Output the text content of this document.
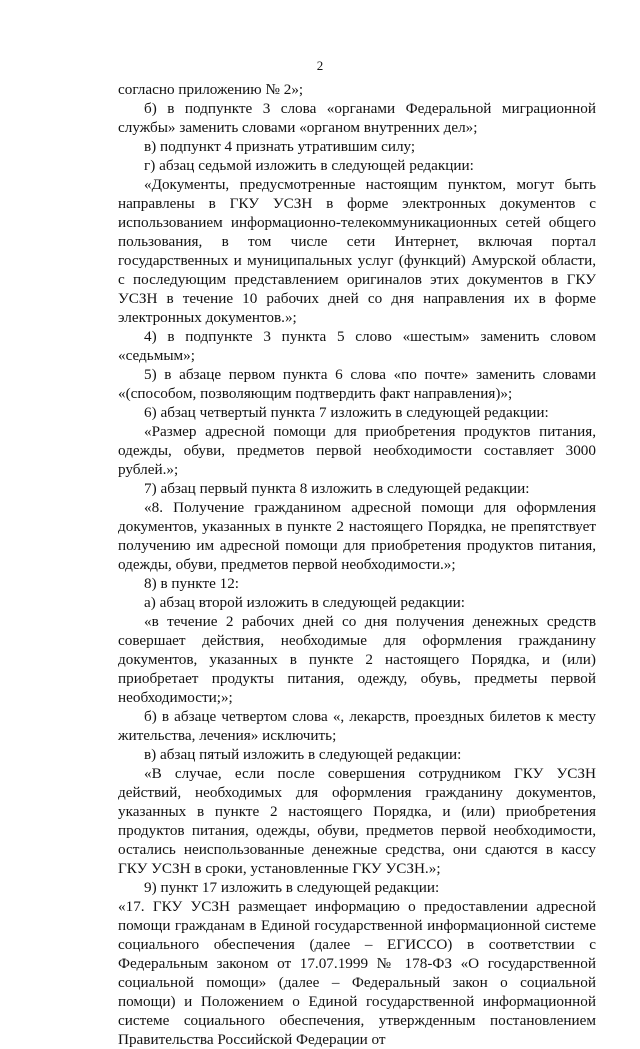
2

согласно приложению № 2»;

б) в подпункте 3 слова «органами Федеральной миграционной службы» заменить словами «органом внутренних дел»;

в) подпункт 4 признать утратившим силу;

г) абзац седьмой изложить в следующей редакции:

«Документы, предусмотренные настоящим пунктом, могут быть направлены в ГКУ УСЗН в форме электронных документов с использованием информационно-телекоммуникационных сетей общего пользования, в том числе сети Интернет, включая портал государственных и муниципальных услуг (функций) Амурской области, с последующим представлением оригиналов этих документов в ГКУ УСЗН в течение 10 рабочих дней со дня направления их в форме электронных документов.»;

4) в подпункте 3 пункта 5 слово «шестым» заменить словом «седьмым»;

5) в абзаце первом пункта 6 слова «по почте» заменить словами «(способом, позволяющим подтвердить факт направления)»;

6) абзац четвертый пункта 7 изложить в следующей редакции:

«Размер адресной помощи для приобретения продуктов питания, одежды, обуви, предметов первой необходимости составляет 3000 рублей.»;

7) абзац первый пункта 8 изложить в следующей редакции:

«8. Получение гражданином адресной помощи для оформления документов, указанных в пункте 2 настоящего Порядка, не препятствует получению им адресной помощи для приобретения продуктов питания, одежды, обуви, предметов первой необходимости.»;

8) в пункте 12:

а) абзац второй изложить в следующей редакции:

«в течение 2 рабочих дней со дня получения денежных средств совершает действия, необходимые для оформления гражданину документов, указанных в пункте 2 настоящего Порядка, и (или) приобретает продукты питания, одежду, обувь, предметы первой необходимости;»;

б) в абзаце четвертом слова «, лекарств, проездных билетов к месту жительства, лечения» исключить;

в) абзац пятый изложить в следующей редакции:

«В случае, если после совершения сотрудником ГКУ УСЗН действий, необходимых для оформления гражданину документов, указанных в пункте 2 настоящего Порядка, и (или) приобретения продуктов питания, одежды, обуви, предметов первой необходимости, остались неиспользованные денежные средства, они сдаются в кассу ГКУ УСЗН в сроки, установленные ГКУ УСЗН.»;

9) пункт 17 изложить в следующей редакции:

«17. ГКУ УСЗН размещает информацию о предоставлении адресной помощи гражданам в Единой государственной информационной системе социального обеспечения (далее – ЕГИССО) в соответствии с Федеральным законом от 17.07.1999 № 178-ФЗ «О государственной социальной помощи» (далее – Федеральный закон о социальной помощи) и Положением о Единой государственной информационной системе социального обеспечения, утвержденным постановлением Правительства Российской Федерации от
